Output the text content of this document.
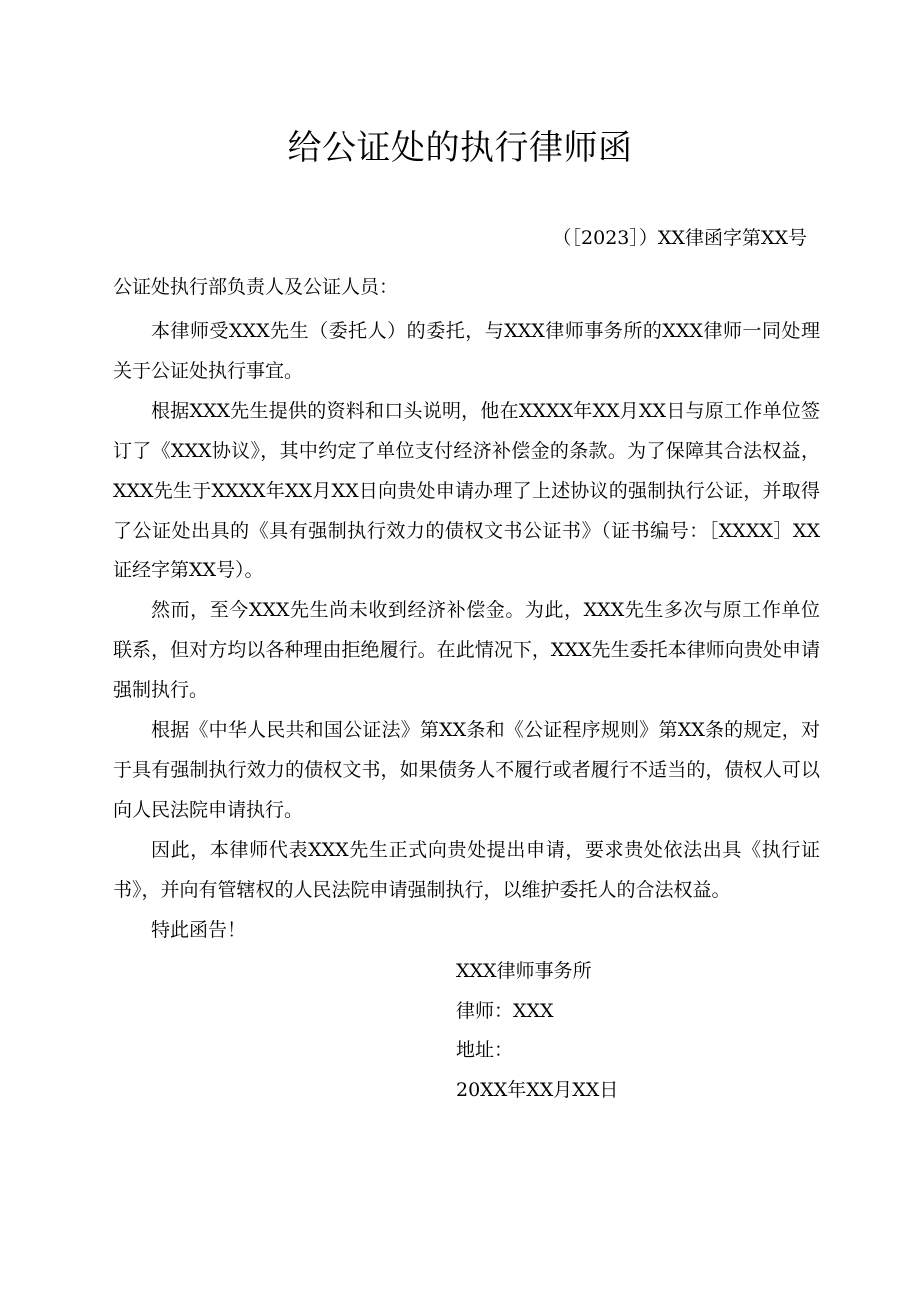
给公证处的执行律师函
（［2023］）XX律函字第XX号
公证处执行部负责人及公证人员：

本律师受XXX先生（委托人）的委托，与XXX律师事务所的XXX律师一同处理关于公证处执行事宜。

根据XXX先生提供的资料和口头说明，他在XXXX年XX月XX日与原工作单位签订了《XXX协议》，其中约定了单位支付经济补偿金的条款。为了保障其合法权益，XXX先生于XXXX年XX月XX日向贵处申请办理了上述协议的强制执行公证，并取得了公证处出具的《具有强制执行效力的债权文书公证书》（证书编号：［XXXX］XX证经字第XX号）。

然而，至今XXX先生尚未收到经济补偿金。为此，XXX先生多次与原工作单位联系，但对方均以各种理由拒绝履行。在此情况下，XXX先生委托本律师向贵处申请强制执行。

根据《中华人民共和国公证法》第XX条和《公证程序规则》第XX条的规定，对于具有强制执行效力的债权文书，如果债务人不履行或者履行不适当的，债权人可以向人民法院申请执行。

因此，本律师代表XXX先生正式向贵处提出申请，要求贵处依法出具《执行证书》，并向有管辖权的人民法院申请强制执行，以维护委托人的合法权益。

特此函告！

XXX律师事务所
律师：XXX
地址：
20XX年XX月XX日
